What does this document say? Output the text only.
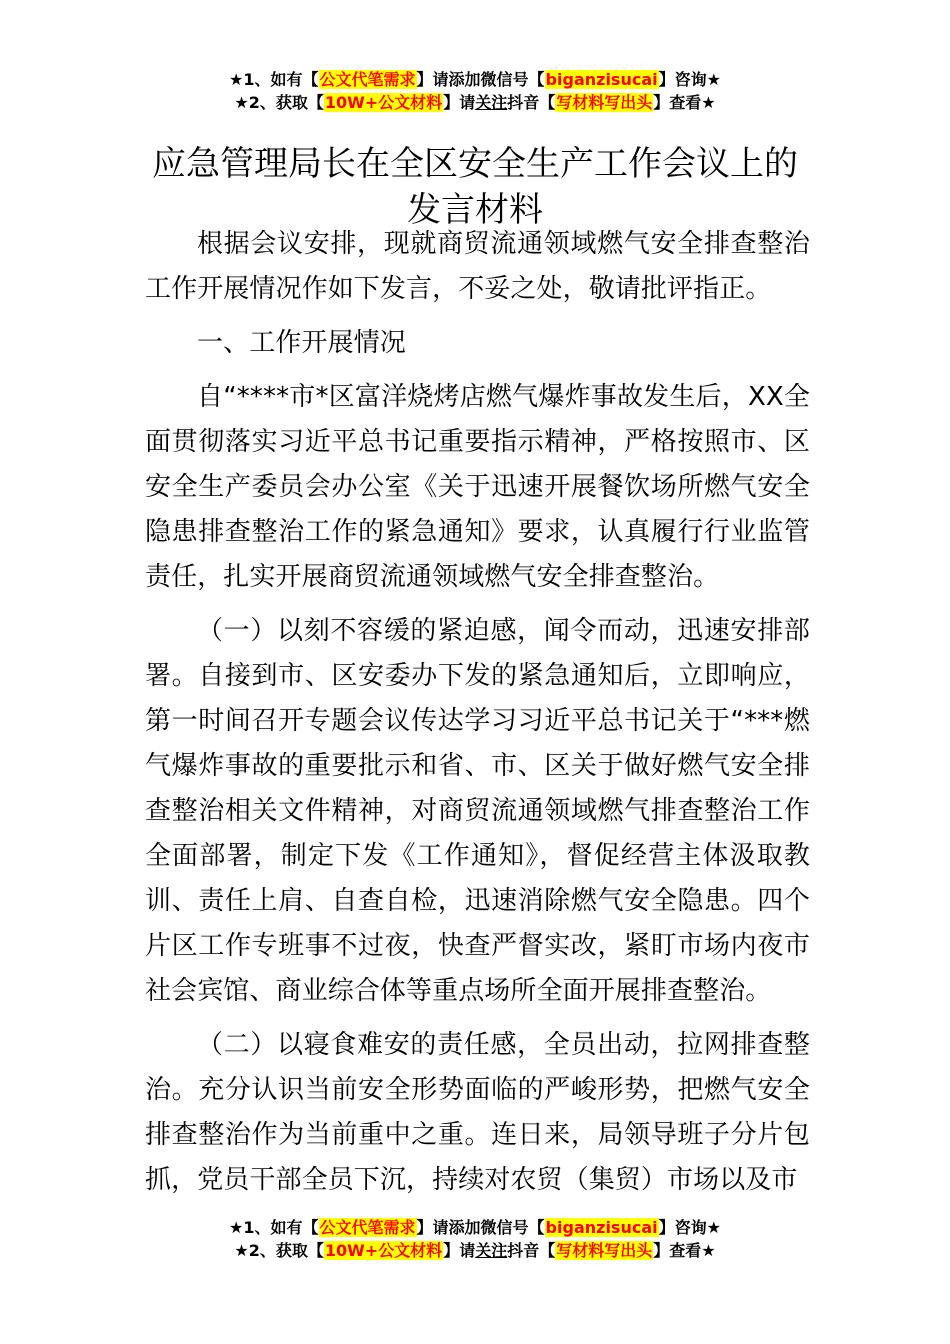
★1、如有【公文代笔需求】请添加微信号【biganzisucai】咨询★
★2、获取【10W+公文材料】请关注抖音【写材料写出头】查看★
应急管理局长在全区安全生产工作会议上的
发言材料

根据会议安排，现就商贸流通领域燃气安全排查整治工作开展情况作如下发言，不妥之处，敬请批评指正。

一、工作开展情况

自“****市*区富洋烧烤店燃气爆炸事故发生后，XX全面贯彻落实习近平总书记重要指示精神，严格按照市、区安全生产委员会办公室《关于迅速开展餐饮场所燃气安全隐患排查整治工作的紧急通知》要求，认真履行行业监管责任，扎实开展商贸流通领域燃气安全排查整治。

（一）以刻不容缓的紧迫感，闻令而动，迅速安排部署。自接到市、区安委办下发的紧急通知后，立即响应，第一时间召开专题会议传达学习习近平总书记关于“***燃气爆炸事故的重要批示和省、市、区关于做好燃气安全排查整治相关文件精神，对商贸流通领域燃气排查整治工作全面部署，制定下发《工作通知》，督促经营主体汲取教训、责任上肩、自查自检，迅速消除燃气安全隐患。四个片区工作专班事不过夜，快查严督实改，紧盯市场内夜市社会宾馆、商业综合体等重点场所全面开展排查整治。

（二）以寝食难安的责任感，全员出动，拉网排查整治。充分认识当前安全形势面临的严峻形势，把燃气安全排查整治作为当前重中之重。连日来，局领导班子分片包抓，党员干部全员下沉，持续对农贸（集贸）市场以及市

★1、如有【公文代笔需求】请添加微信号【biganzisucai】咨询★
★2、获取【10W+公文材料】请关注抖音【写材料写出头】查看★
